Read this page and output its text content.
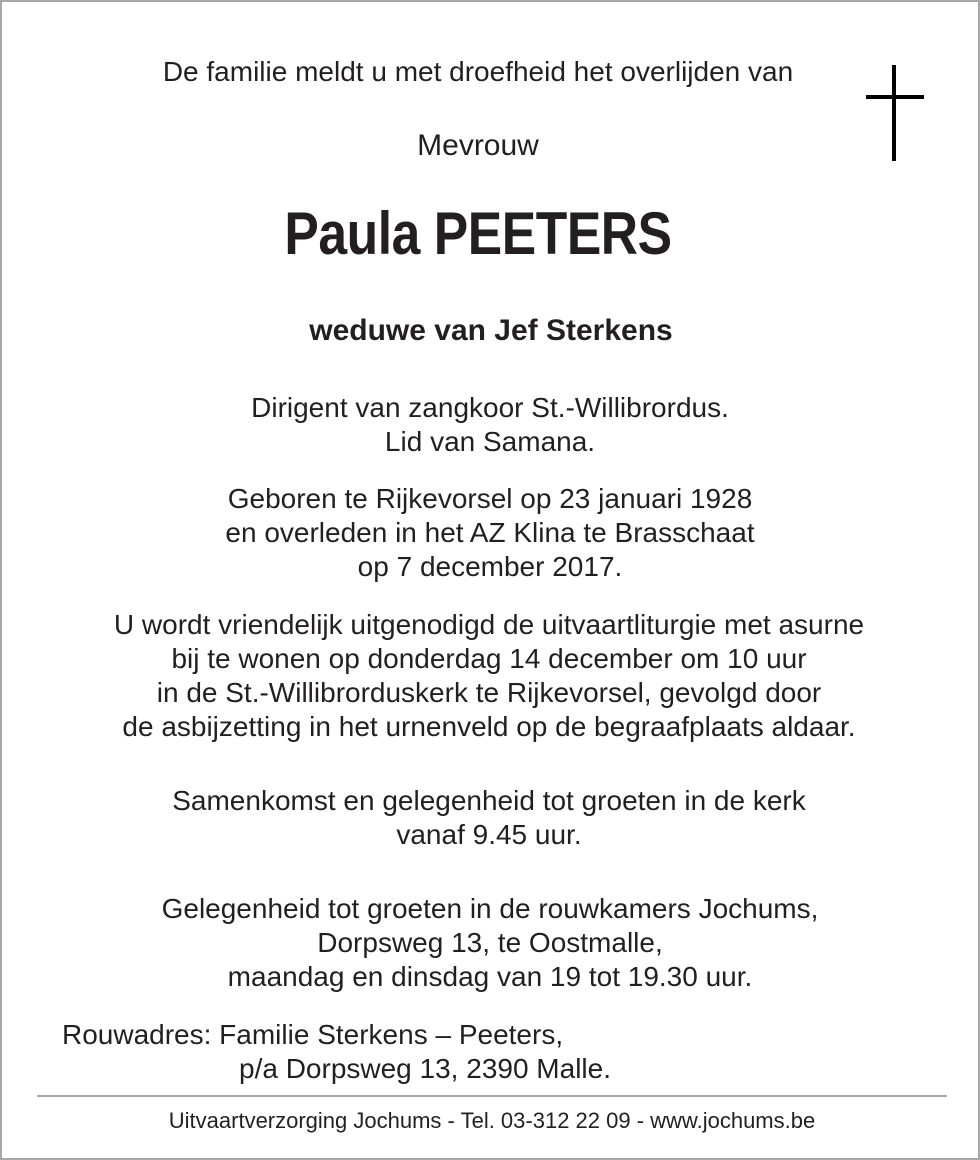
De familie meldt u met droefheid het overlijden van

Mevrouw

Paula PEETERS

weduwe van Jef Sterkens

Dirigent van zangkoor St.-Willibrordus.
Lid van Samana.
Geboren te Rijkevorsel op 23 januari 1928
en overleden in het AZ Klina te Brasschaat
op 7 december 2017.
U wordt vriendelijk uitgenodigd de uitvaartliturgie met asurne
bij te wonen op donderdag 14 december om 10 uur
in de St.-Willibrorduskerk te Rijkevorsel, gevolgd door
de asbijzetting in het urnenveld op de begraafplaats aldaar.
Samenkomst en gelegenheid tot groeten in de kerk
vanaf 9.45 uur.
Gelegenheid tot groeten in de rouwkamers Jochums,
Dorpsweg 13, te Oostmalle,
maandag en dinsdag van 19 tot 19.30 uur.
Rouwadres: Familie Sterkens – Peeters,
p/a Dorpsweg 13, 2390 Malle.

Uitvaartverzorging Jochums - Tel. 03-312 22 09 - www.jochums.be
